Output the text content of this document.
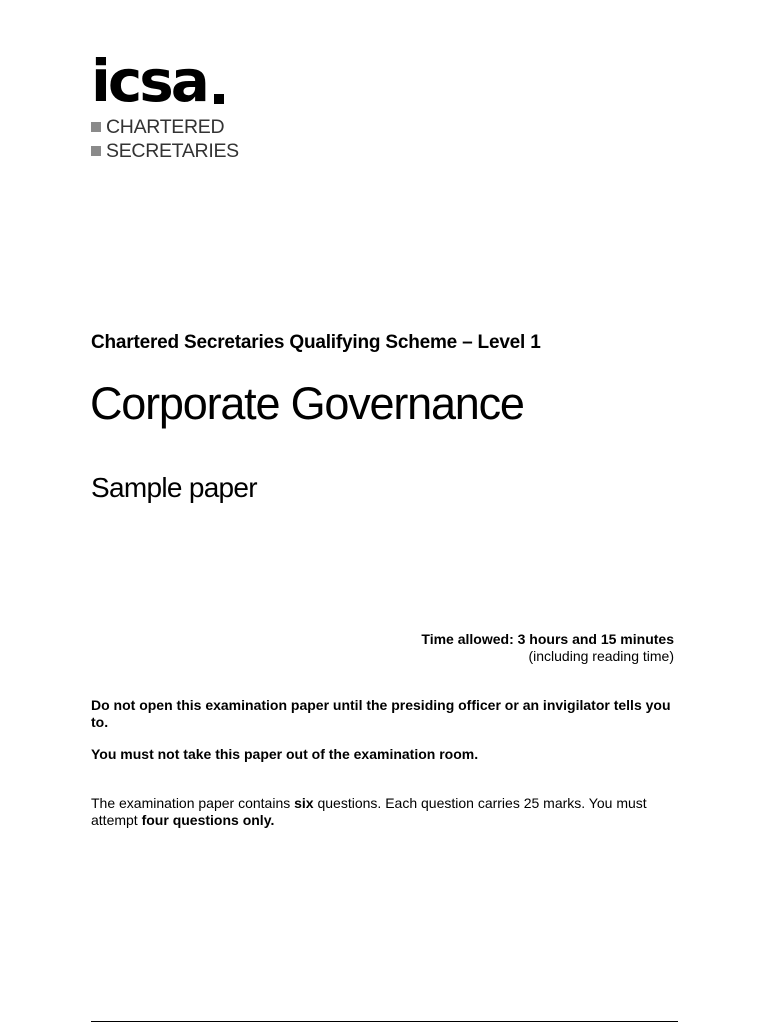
icsa
CHARTERED
SECRETARIES
Chartered Secretaries Qualifying Scheme – Level 1
Corporate Governance
Sample paper
Time allowed: 3 hours and 15 minutes
(including reading time)
Do not open this examination paper until the presiding officer or an invigilator tells you to.
You must not take this paper out of the examination room.
The examination paper contains six questions. Each question carries 25 marks. You must attempt four questions only.
